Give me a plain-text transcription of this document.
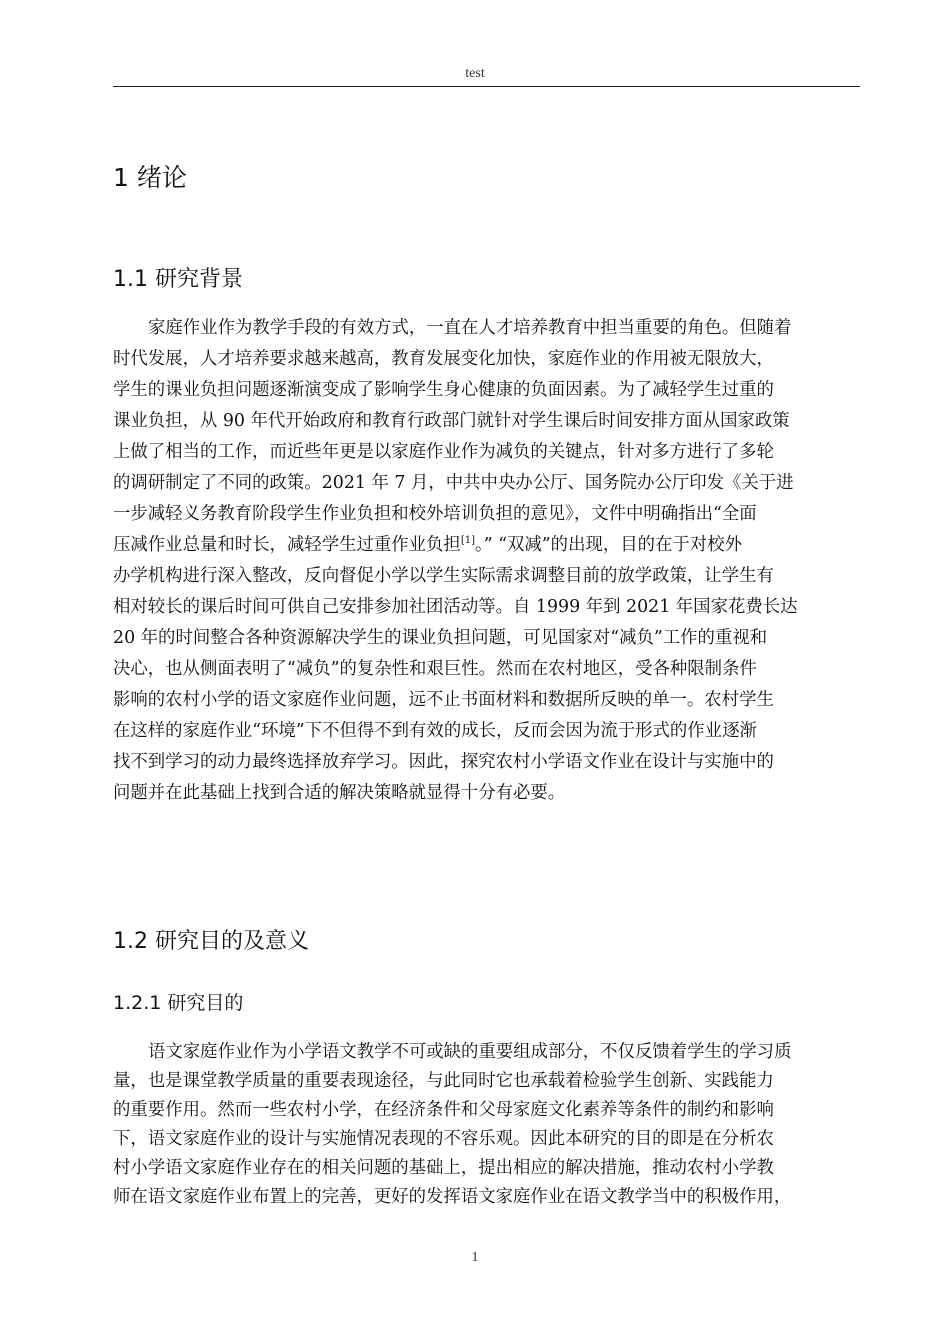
test
1 绪论
1.1 研究背景
家庭作业作为教学手段的有效方式，一直在人才培养教育中担当重要的角色。但随着
时代发展，人才培养要求越来越高，教育发展变化加快，家庭作业的作用被无限放大，
学生的课业负担问题逐渐演变成了影响学生身心健康的负面因素。为了减轻学生过重的
课业负担，从 90 年代开始政府和教育行政部门就针对学生课后时间安排方面从国家政策
上做了相当的工作，而近些年更是以家庭作业作为减负的关键点，针对多方进行了多轮
的调研制定了不同的政策。2021 年 7 月，中共中央办公厅、国务院办公厅印发《关于进
一步减轻义务教育阶段学生作业负担和校外培训负担的意见》，文件中明确指出“全面
压减作业总量和时长，减轻学生过重作业负担[1]。” “双减”的出现，目的在于对校外
办学机构进行深入整改，反向督促小学以学生实际需求调整目前的放学政策，让学生有
相对较长的课后时间可供自己安排参加社团活动等。自 1999 年到 2021 年国家花费长达
20 年的时间整合各种资源解决学生的课业负担问题，可见国家对“减负”工作的重视和
决心，也从侧面表明了“减负”的复杂性和艰巨性。然而在农村地区，受各种限制条件
影响的农村小学的语文家庭作业问题，远不止书面材料和数据所反映的单一。农村学生
在这样的家庭作业“环境”下不但得不到有效的成长，反而会因为流于形式的作业逐渐
找不到学习的动力最终选择放弃学习。因此，探究农村小学语文作业在设计与实施中的
问题并在此基础上找到合适的解决策略就显得十分有必要。
1.2 研究目的及意义
1.2.1 研究目的
语文家庭作业作为小学语文教学不可或缺的重要组成部分，不仅反馈着学生的学习质
量，也是课堂教学质量的重要表现途径，与此同时它也承载着检验学生创新、实践能力
的重要作用。然而一些农村小学，在经济条件和父母家庭文化素养等条件的制约和影响
下，语文家庭作业的设计与实施情况表现的不容乐观。因此本研究的目的即是在分析农
村小学语文家庭作业存在的相关问题的基础上，提出相应的解决措施，推动农村小学教
师在语文家庭作业布置上的完善，更好的发挥语文家庭作业在语文教学当中的积极作用，
1
